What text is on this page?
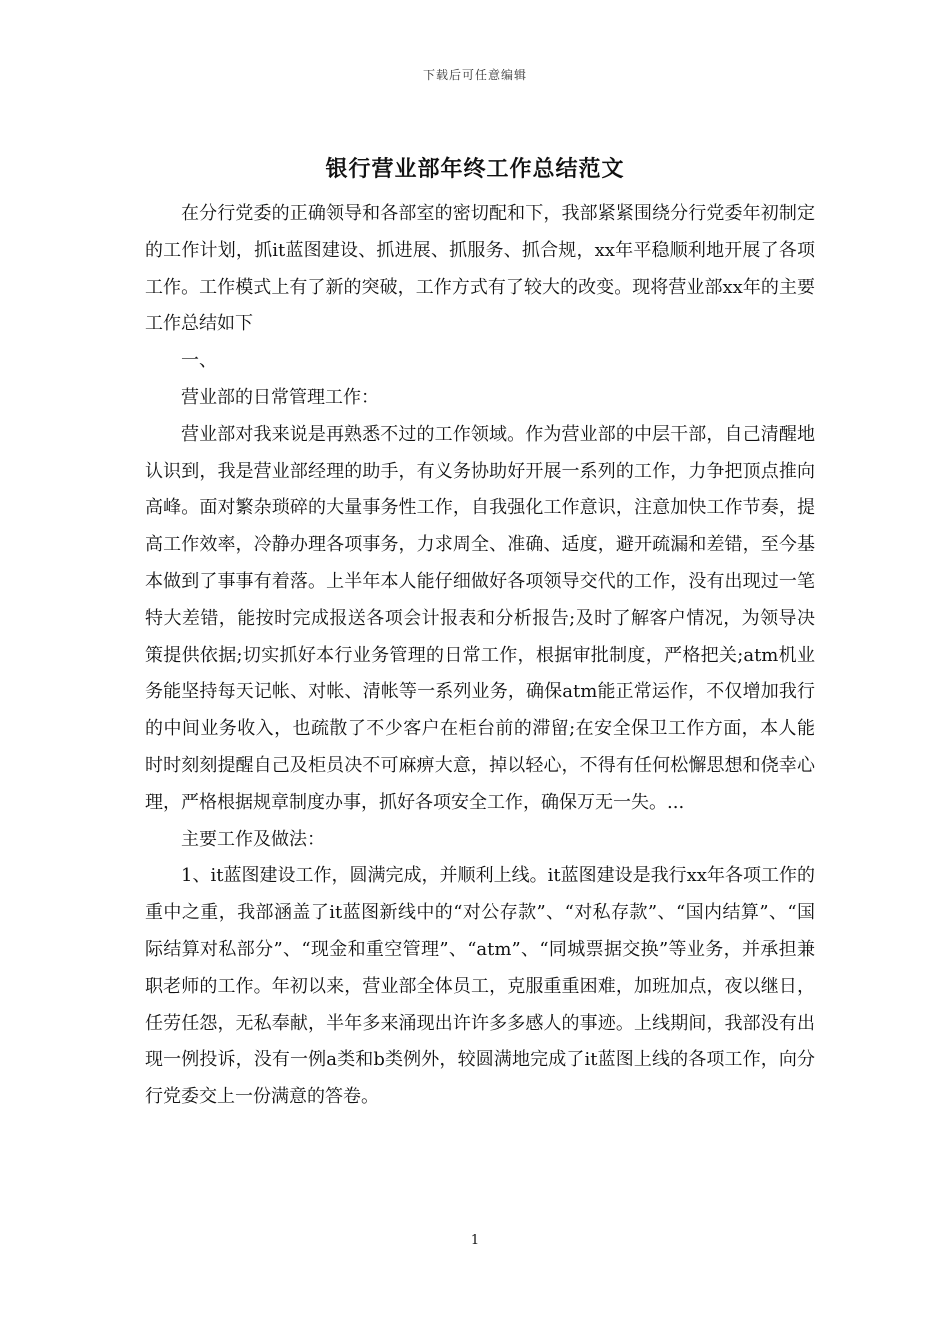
下载后可任意编辑
银行营业部年终工作总结范文

在分行党委的正确领导和各部室的密切配和下，我部紧紧围绕分行党委年初制定的工作计划，抓it蓝图建设、抓进展、抓服务、抓合规，xx年平稳顺利地开展了各项工作。工作模式上有了新的突破，工作方式有了较大的改变。现将营业部xx年的主要工作总结如下

一、

营业部的日常管理工作：

营业部对我来说是再熟悉不过的工作领域。作为营业部的中层干部，自己清醒地认识到，我是营业部经理的助手，有义务协助好开展一系列的工作，力争把顶点推向高峰。面对繁杂琐碎的大量事务性工作，自我强化工作意识，注意加快工作节奏，提高工作效率，冷静办理各项事务，力求周全、准确、适度，避开疏漏和差错，至今基本做到了事事有着落。上半年本人能仔细做好各项领导交代的工作，没有出现过一笔特大差错，能按时完成报送各项会计报表和分析报告;及时了解客户情况，为领导决策提供依据;切实抓好本行业务管理的日常工作，根据审批制度，严格把关;atm机业务能坚持每天记帐、对帐、清帐等一系列业务，确保atm能正常运作，不仅增加我行的中间业务收入，也疏散了不少客户在柜台前的滞留;在安全保卫工作方面，本人能时时刻刻提醒自己及柜员决不可麻痹大意，掉以轻心，不得有任何松懈思想和侥幸心理，严格根据规章制度办事，抓好各项安全工作，确保万无一失。...

主要工作及做法：

1、it蓝图建设工作，圆满完成，并顺利上线。it蓝图建设是我行xx年各项工作的重中之重，我部涵盖了it蓝图新线中的“对公存款”、“对私存款”、“国内结算”、“国际结算对私部分”、“现金和重空管理”、“atm”、“同城票据交换”等业务，并承担兼职老师的工作。年初以来，营业部全体员工，克服重重困难，加班加点，夜以继日，任劳任怨，无私奉献，半年多来涌现出许许多多感人的事迹。上线期间，我部没有出现一例投诉，没有一例a类和b类例外，较圆满地完成了it蓝图上线的各项工作，向分行党委交上一份满意的答卷。

1
